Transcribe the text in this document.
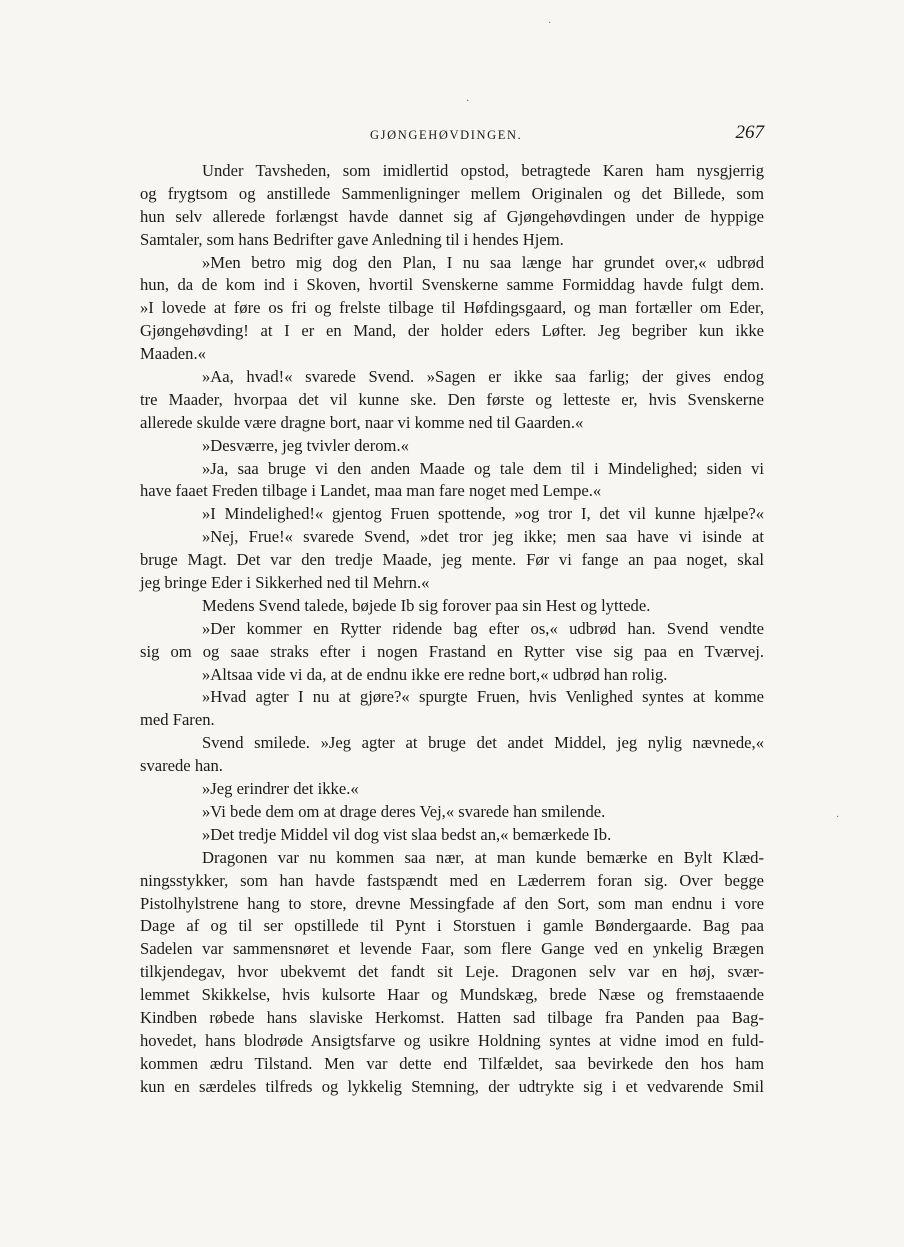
GJØNGEHØVDINGEN.	267
Under Tavsheden, som imidlertid opstod, betragtede Karen ham nysgjerrig
og frygtsom og anstillede Sammenligninger mellem Originalen og det Billede, som
hun selv allerede forlængst havde dannet sig af Gjøngehøvdingen under de hyppige
Samtaler, som hans Bedrifter gave Anledning til i hendes Hjem.
»Men betro mig dog den Plan, I nu saa længe har grundet over,« udbrød
hun, da de kom ind i Skoven, hvortil Svenskerne samme Formiddag havde fulgt dem.
»I lovede at føre os fri og frelste tilbage til Høfdingsgaard, og man fortæller om Eder,
Gjøngehøvding! at I er en Mand, der holder eders Løfter. Jeg begriber kun ikke
Maaden.«
»Aa, hvad!« svarede Svend. »Sagen er ikke saa farlig; der gives endog
tre Maader, hvorpaa det vil kunne ske. Den første og letteste er, hvis Svenskerne
allerede skulde være dragne bort, naar vi komme ned til Gaarden.«
»Desværre, jeg tvivler derom.«
»Ja, saa bruge vi den anden Maade og tale dem til i Mindelighed; siden vi
have faaet Freden tilbage i Landet, maa man fare noget med Lempe.«
»I Mindelighed!« gjentog Fruen spottende, »og tror I, det vil kunne hjælpe?«
»Nej, Frue!« svarede Svend, »det tror jeg ikke; men saa have vi isinde at
bruge Magt. Det var den tredje Maade, jeg mente. Før vi fange an paa noget, skal
jeg bringe Eder i Sikkerhed ned til Mehrn.«
Medens Svend talede, bøjede Ib sig forover paa sin Hest og lyttede.
»Der kommer en Rytter ridende bag efter os,« udbrød han. Svend vendte
sig om og saae straks efter i nogen Frastand en Rytter vise sig paa en Tværvej.
»Altsaa vide vi da, at de endnu ikke ere redne bort,« udbrød han rolig.
»Hvad agter I nu at gjøre?« spurgte Fruen, hvis Venlighed syntes at komme
med Faren.
Svend smilede. »Jeg agter at bruge det andet Middel, jeg nylig nævnede,«
svarede han.
»Jeg erindrer det ikke.«
»Vi bede dem om at drage deres Vej,« svarede han smilende.
»Det tredje Middel vil dog vist slaa bedst an,« bemærkede Ib.
Dragonen var nu kommen saa nær, at man kunde bemærke en Bylt Klæd-
ningsstykker, som han havde fastspændt med en Læderrem foran sig. Over begge
Pistolhylstrene hang to store, drevne Messingfade af den Sort, som man endnu i vore
Dage af og til ser opstillede til Pynt i Storstuen i gamle Bøndergaarde. Bag paa
Sadelen var sammensnøret et levende Faar, som flere Gange ved en ynkelig Brægen
tilkjendegav, hvor ubekvemt det fandt sit Leje. Dragonen selv var en høj, svær-
lemmet Skikkelse, hvis kulsorte Haar og Mundskæg, brede Næse og fremstaaende
Kindben røbede hans slaviske Herkomst. Hatten sad tilbage fra Panden paa Bag-
hovedet, hans blodrøde Ansigtsfarve og usikre Holdning syntes at vidne imod en fuld-
kommen ædru Tilstand. Men var dette end Tilfældet, saa bevirkede den hos ham
kun en særdeles tilfreds og lykkelig Stemning, der udtrykte sig i et vedvarende Smil
·
·
·
